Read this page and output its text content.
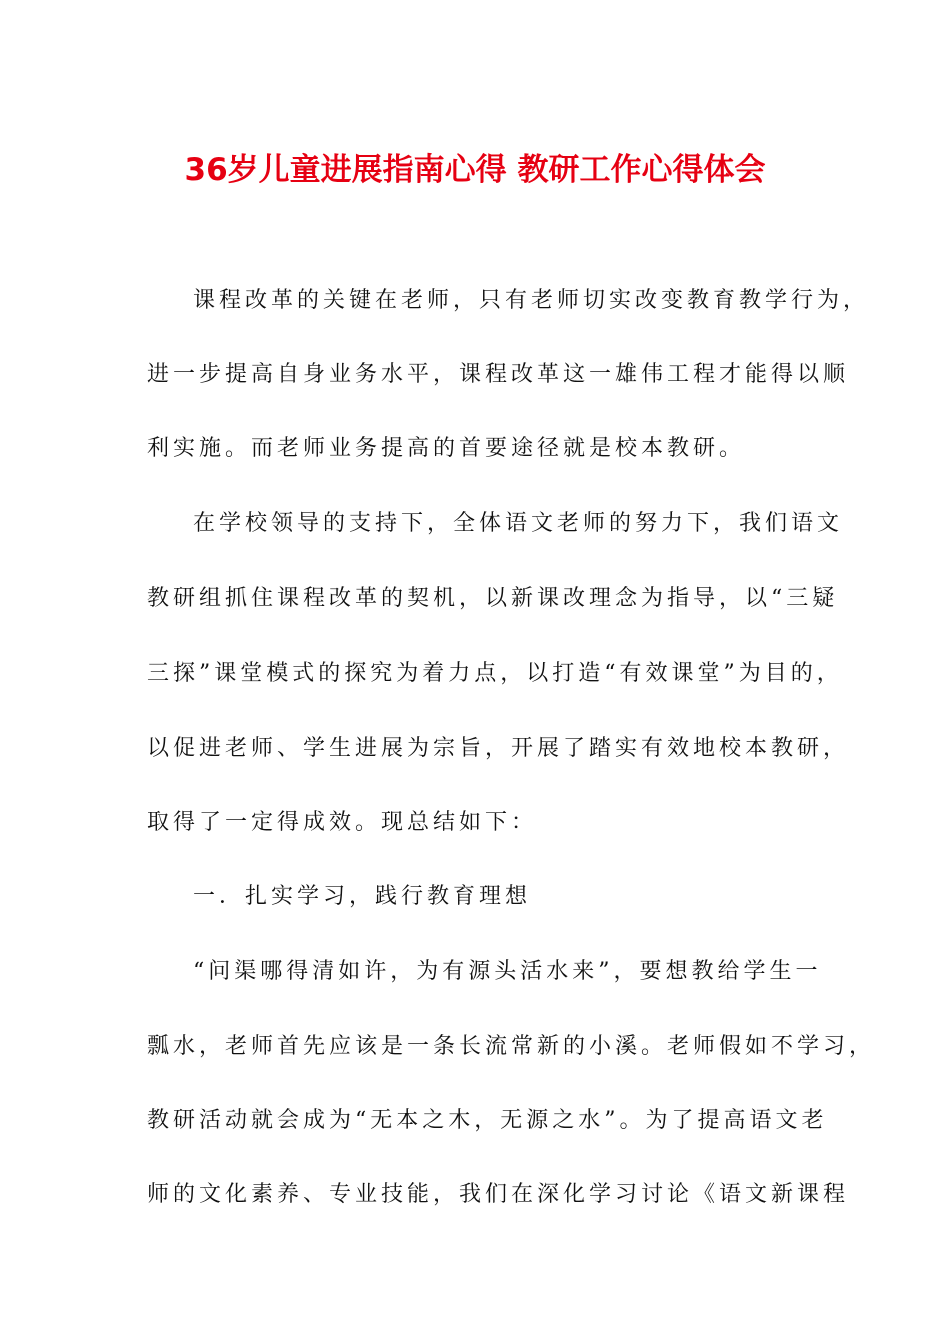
36岁儿童进展指南心得 教研工作心得体会
课程改革的关键在老师，只有老师切实改变教育教学行为，
进一步提高自身业务水平，课程改革这一雄伟工程才能得以顺
利实施。而老师业务提高的首要途径就是校本教研。
在学校领导的支持下，全体语文老师的努力下，我们语文
教研组抓住课程改革的契机，以新课改理念为指导，以“三疑
三探”课堂模式的探究为着力点，以打造“有效课堂”为目的，
以促进老师、学生进展为宗旨，开展了踏实有效地校本教研，
取得了一定得成效。现总结如下：
一．扎实学习，践行教育理想
“问渠哪得清如许，为有源头活水来”，要想教给学生一
瓢水，老师首先应该是一条长流常新的小溪。老师假如不学习，
教研活动就会成为“无本之木，无源之水”。为了提高语文老
师的文化素养、专业技能，我们在深化学习讨论《语文新课程
